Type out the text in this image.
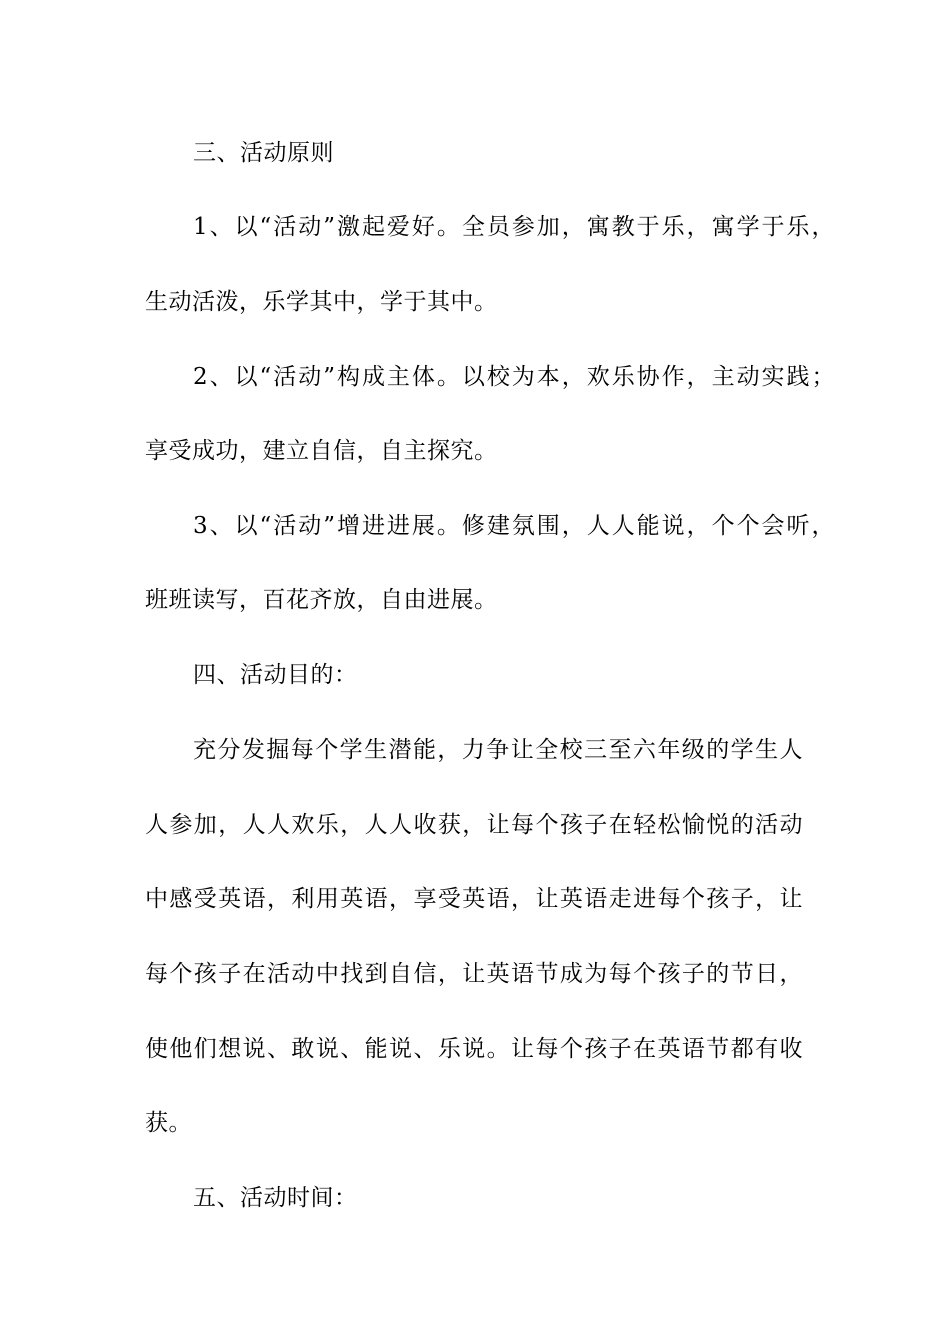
三、活动原则
1、以“活动”激起爱好。全员参加，寓教于乐，寓学于乐，
生动活泼，乐学其中，学于其中。
2、以“活动”构成主体。以校为本，欢乐协作，主动实践；
享受成功，建立自信，自主探究。
3、以“活动”增进进展。修建氛围，人人能说，个个会听，
班班读写，百花齐放，自由进展。
四、活动目的：
充分发掘每个学生潜能，力争让全校三至六年级的学生人
人参加，人人欢乐，人人收获，让每个孩子在轻松愉悦的活动
中感受英语，利用英语，享受英语，让英语走进每个孩子，让
每个孩子在活动中找到自信，让英语节成为每个孩子的节日，
使他们想说、敢说、能说、乐说。让每个孩子在英语节都有收
获。
五、活动时间：
